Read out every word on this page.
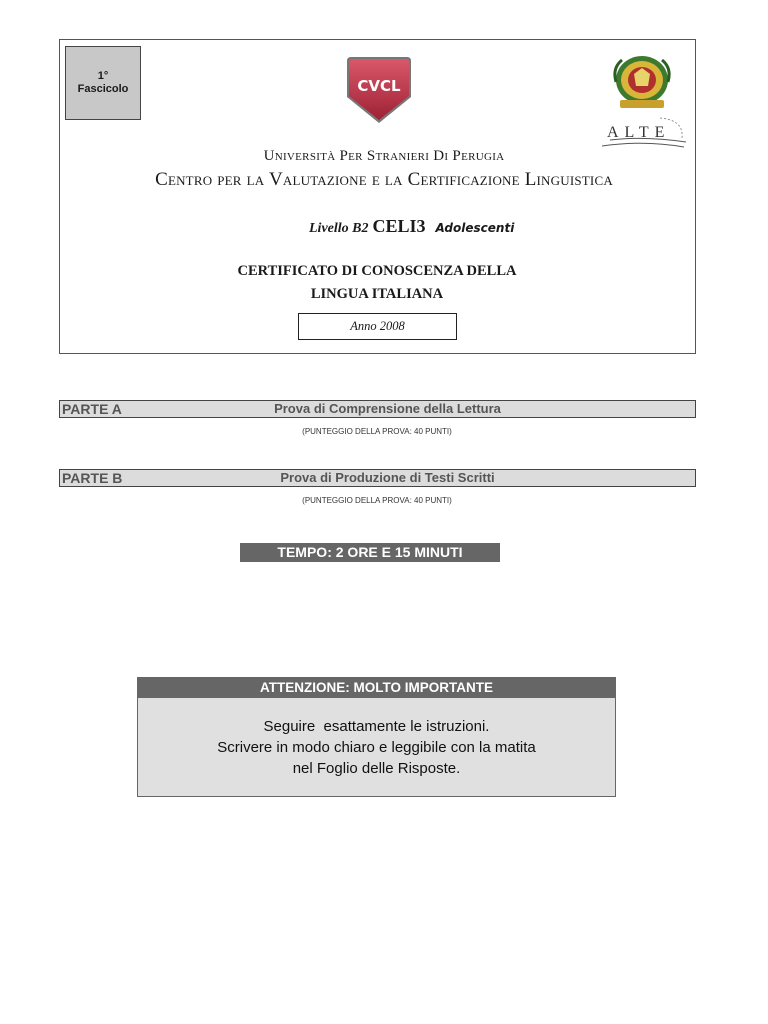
1°
Fascicolo	CVCL
ALTE
Università Per Stranieri Di Perugia
Centro per la Valutazione e la Certificazione Linguistica
Livello B2 CELI3 Adolescenti
CERTIFICATO DI CONOSCENZA DELLA
LINGUA ITALIANA
Anno 2008
PARTE A	Prova di Comprensione della Lettura
(PUNTEGGIO DELLA PROVA: 40 PUNTI)
PARTE B	Prova di Produzione di Testi Scritti
(PUNTEGGIO DELLA PROVA: 40 PUNTI)
TEMPO: 2 ORE E 15 MINUTI
ATTENZIONE: MOLTO IMPORTANTE
Seguire  esattamente le istruzioni.
Scrivere in modo chiaro e leggibile con la matita
nel Foglio delle Risposte.
